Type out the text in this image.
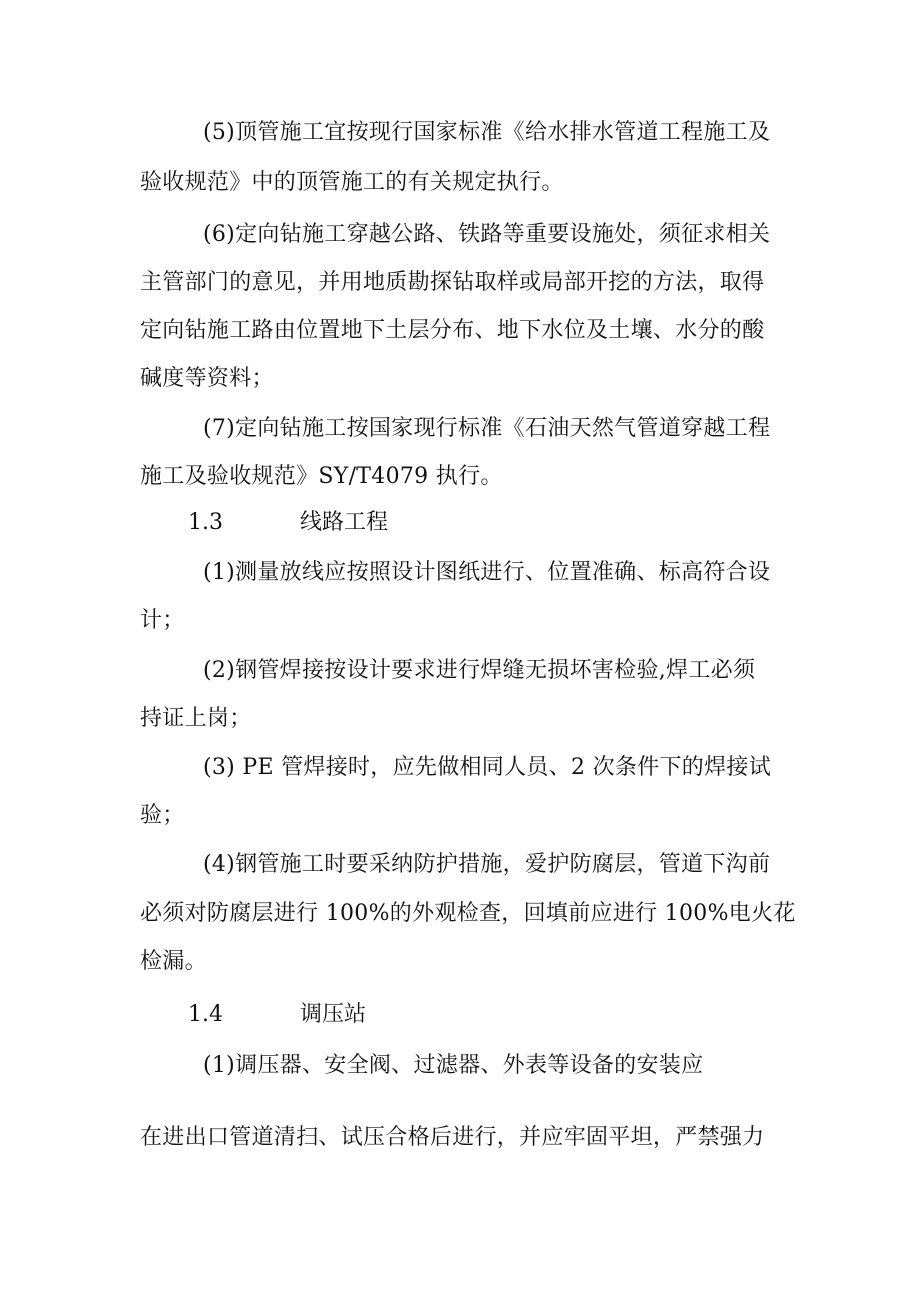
(5)顶管施工宜按现行国家标准《给水排水管道工程施工及
验收规范》中的顶管施工的有关规定执行。
(6)定向钻施工穿越公路、铁路等重要设施处，须征求相关
主管部门的意见，并用地质勘探钻取样或局部开挖的方法，取得
定向钻施工路由位置地下土层分布、地下水位及土壤、水分的酸
碱度等资料；
(7)定向钻施工按国家现行标准《石油天然气管道穿越工程
施工及验收规范》SY/T4079 执行。
1.3	线路工程
(1)测量放线应按照设计图纸进行、位置准确、标高符合设
计；
(2)钢管焊接按设计要求进行焊缝无损坏害检验,焊工必须
持证上岗；
(3) PE 管焊接时，应先做相同人员、2 次条件下的焊接试
验；
(4)钢管施工时要采纳防护措施，爱护防腐层，管道下沟前
必须对防腐层进行 100%的外观检查，回填前应进行 100%电火花
检漏。
1.4	调压站
(1)调压器、安全阀、过滤器、外表等设备的安装应
在进出口管道清扫、试压合格后进行，并应牢固平坦，严禁强力
